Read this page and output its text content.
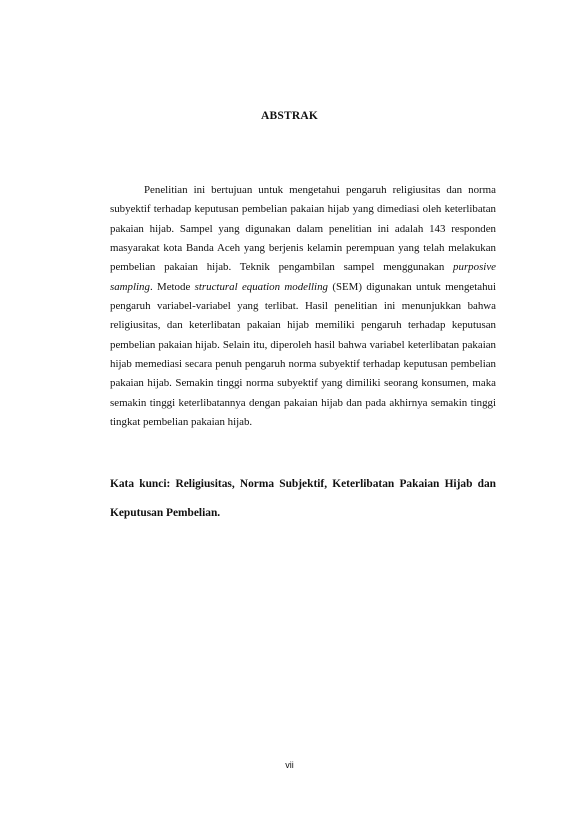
ABSTRAK

Penelitian ini bertujuan untuk mengetahui pengaruh religiusitas dan norma subyektif terhadap keputusan pembelian pakaian hijab yang dimediasi oleh keterlibatan pakaian hijab. Sampel yang digunakan dalam penelitian ini adalah 143 responden masyarakat kota Banda Aceh yang berjenis kelamin perempuan yang telah melakukan pembelian pakaian hijab. Teknik pengambilan sampel menggunakan purposive sampling. Metode structural equation modelling (SEM) digunakan untuk mengetahui pengaruh variabel-variabel yang terlibat. Hasil penelitian ini menunjukkan bahwa religiusitas, dan keterlibatan pakaian hijab memiliki pengaruh terhadap keputusan pembelian pakaian hijab. Selain itu, diperoleh hasil bahwa variabel keterlibatan pakaian hijab memediasi secara penuh pengaruh norma subyektif terhadap keputusan pembelian pakaian hijab. Semakin tinggi norma subyektif yang dimiliki seorang konsumen, maka semakin tinggi keterlibatannya dengan pakaian hijab dan pada akhirnya semakin tinggi tingkat pembelian pakaian hijab.

Kata kunci: Religiusitas, Norma Subjektif, Keterlibatan Pakaian Hijab dan Keputusan Pembelian.

vii
